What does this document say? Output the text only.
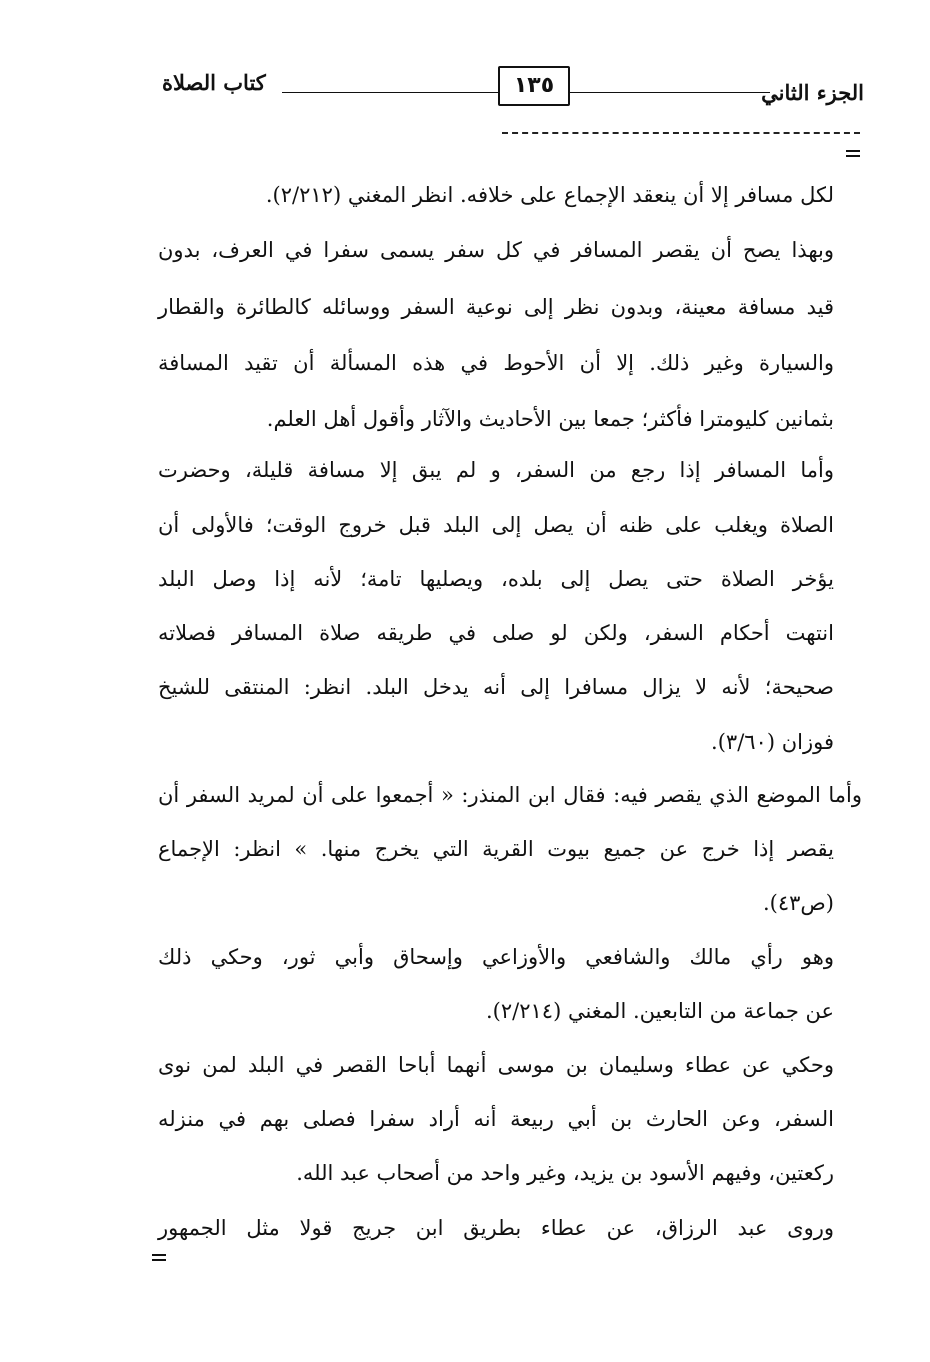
كتاب الصلاة	١٣٥	الجزء الثاني
لكل مسافر إلا أن ينعقد الإجماع على خلافه. انظر المغني (٢/٢١٢).
وبهذا يصح أن يقصر المسافر في كل سفر يسمى سفرا في العرف، بدون
قيد مسافة معينة، وبدون نظر إلى نوعية السفر ووسائله كالطائرة والقطار
والسيارة وغير ذلك. إلا أن الأحوط في هذه المسألة أن تقيد المسافة
بثمانين كليومترا فأكثر؛ جمعا بين الأحاديث والآثار وأقول أهل العلم.
وأما المسافر إذا رجع من السفر، و لم يبق إلا مسافة قليلة، وحضرت
الصلاة ويغلب على ظنه أن يصل إلى البلد قبل خروج الوقت؛ فالأولى أن
يؤخر الصلاة حتى يصل إلى بلده، ويصليها تامة؛ لأنه إذا وصل البلد
انتهت أحكام السفر، ولكن لو صلى في طريقه صلاة المسافر فصلاته
صحيحة؛ لأنه لا يزال مسافرا إلى أنه يدخل البلد. انظر: المنتقى للشيخ
فوزان (٣/٦٠).
وأما الموضع الذي يقصر فيه: فقال ابن المنذر: « أجمعوا على أن لمريد السفر أن
يقصر إذا خرج عن جميع بيوت القرية التي يخرج منها. » انظر: الإجماع
(ص٤٣).
وهو رأي مالك والشافعي والأوزاعي وإسحاق وأبي ثور، وحكي ذلك
عن جماعة من التابعين. المغني (٢/٢١٤).
وحكي عن عطاء وسليمان بن موسى أنهما أباحا القصر في البلد لمن نوى
السفر، وعن الحارث بن أبي ربيعة أنه أراد سفرا فصلى بهم في منزله
ركعتين، وفيهم الأسود بن يزيد، وغير واحد من أصحاب عبد الله.
وروى عبد الرزاق، عن عطاء بطريق ابن جريج قولا مثل الجمهور
